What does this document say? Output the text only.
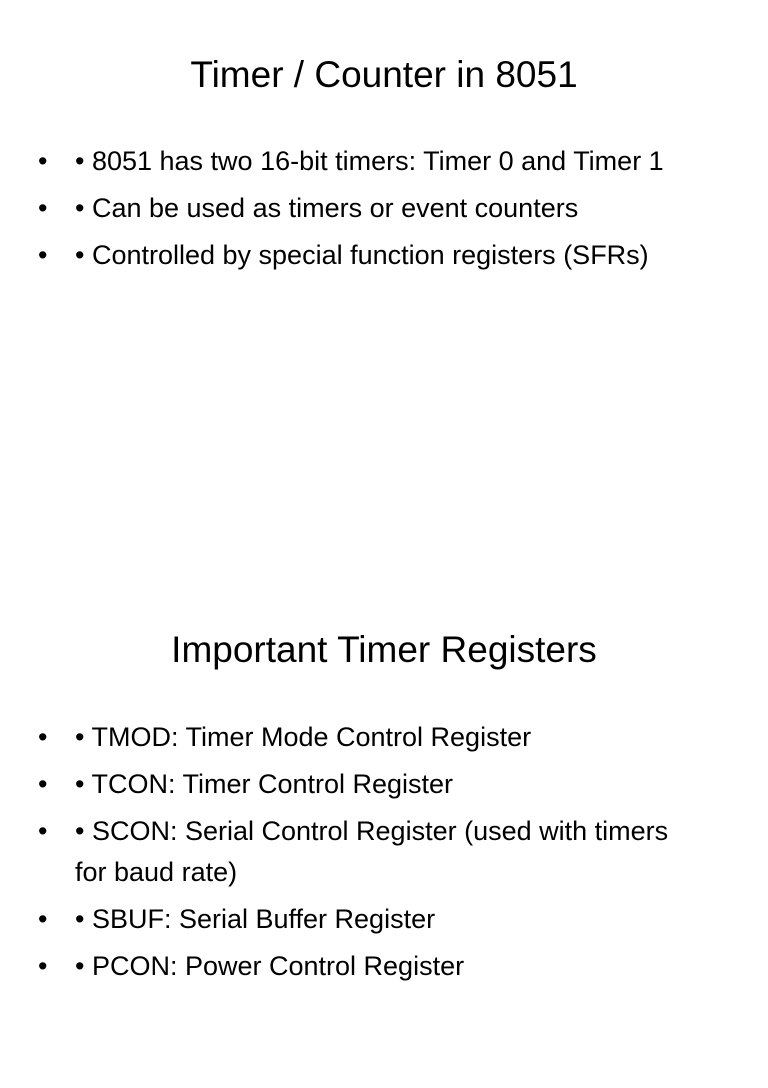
Timer / Counter in 8051
•	• 8051 has two 16-bit timers: Timer 0 and Timer 1
•	• Can be used as timers or event counters
•	• Controlled by special function registers (SFRs)
Important Timer Registers
•	• TMOD: Timer Mode Control Register
•	• TCON: Timer Control Register
•	• SCON: Serial Control Register (used with timers for baud rate)
•	• SBUF: Serial Buffer Register
•	• PCON: Power Control Register
